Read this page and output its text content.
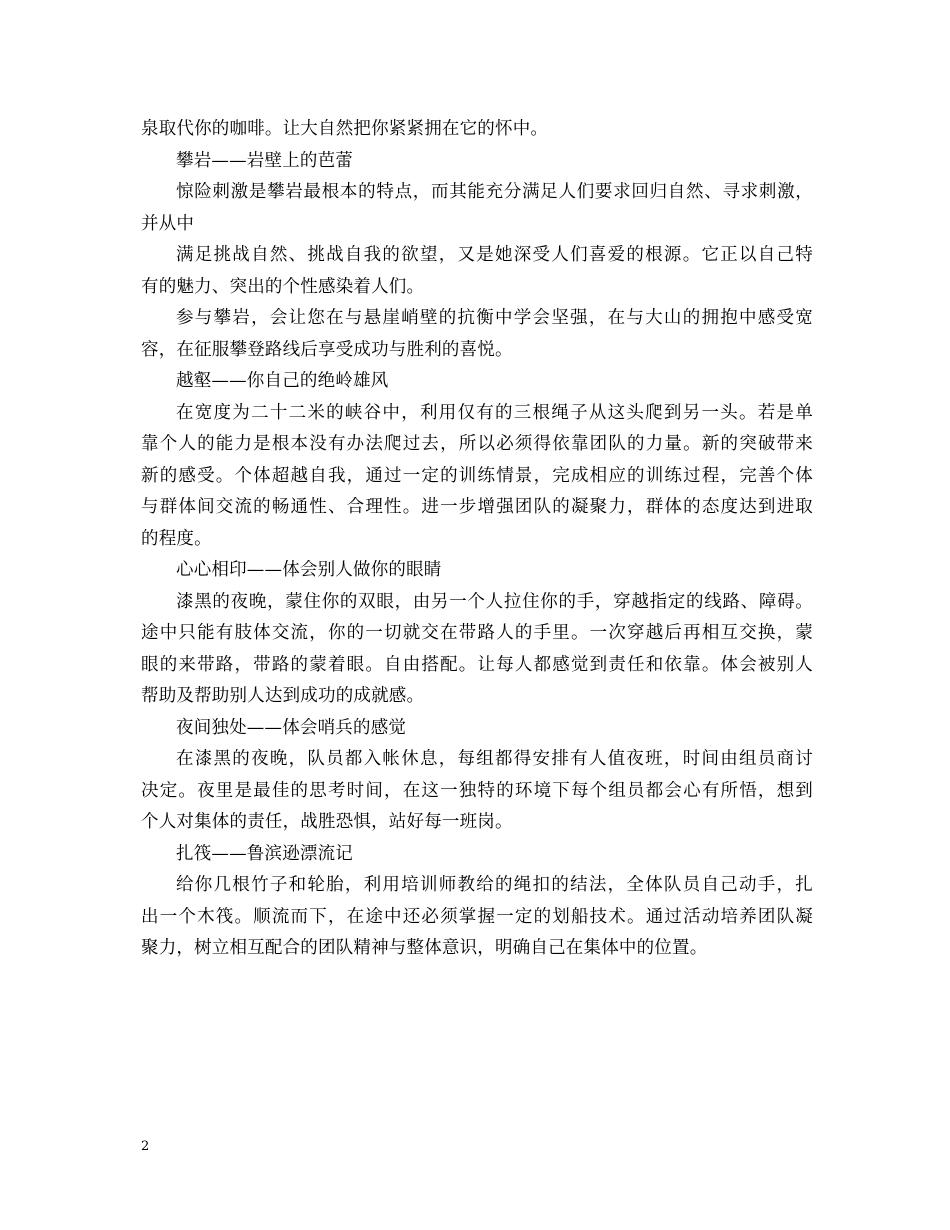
泉取代你的咖啡。让大自然把你紧紧拥在它的怀中。
攀岩——岩壁上的芭蕾
惊险刺激是攀岩最根本的特点，而其能充分满足人们要求回归自然、寻求刺激，
并从中
满足挑战自然、挑战自我的欲望，又是她深受人们喜爱的根源。它正以自己特
有的魅力、突出的个性感染着人们。
参与攀岩，会让您在与悬崖峭壁的抗衡中学会坚强，在与大山的拥抱中感受宽
容，在征服攀登路线后享受成功与胜利的喜悦。
越壑——你自己的绝岭雄风
在宽度为二十二米的峡谷中，利用仅有的三根绳子从这头爬到另一头。若是单
靠个人的能力是根本没有办法爬过去，所以必须得依靠团队的力量。新的突破带来
新的感受。个体超越自我，通过一定的训练情景，完成相应的训练过程，完善个体
与群体间交流的畅通性、合理性。进一步增强团队的凝聚力，群体的态度达到进取
的程度。
心心相印——体会别人做你的眼睛
漆黑的夜晚，蒙住你的双眼，由另一个人拉住你的手，穿越指定的线路、障碍。
途中只能有肢体交流，你的一切就交在带路人的手里。一次穿越后再相互交换，蒙
眼的来带路，带路的蒙着眼。自由搭配。让每人都感觉到责任和依靠。体会被别人
帮助及帮助别人达到成功的成就感。
夜间独处——体会哨兵的感觉
在漆黑的夜晚，队员都入帐休息，每组都得安排有人值夜班，时间由组员商讨
决定。夜里是最佳的思考时间，在这一独特的环境下每个组员都会心有所悟，想到
个人对集体的责任，战胜恐惧，站好每一班岗。
扎筏——鲁滨逊漂流记
给你几根竹子和轮胎，利用培训师教给的绳扣的结法，全体队员自己动手，扎
出一个木筏。顺流而下，在途中还必须掌握一定的划船技术。通过活动培养团队凝
聚力，树立相互配合的团队精神与整体意识，明确自己在集体中的位置。
2
